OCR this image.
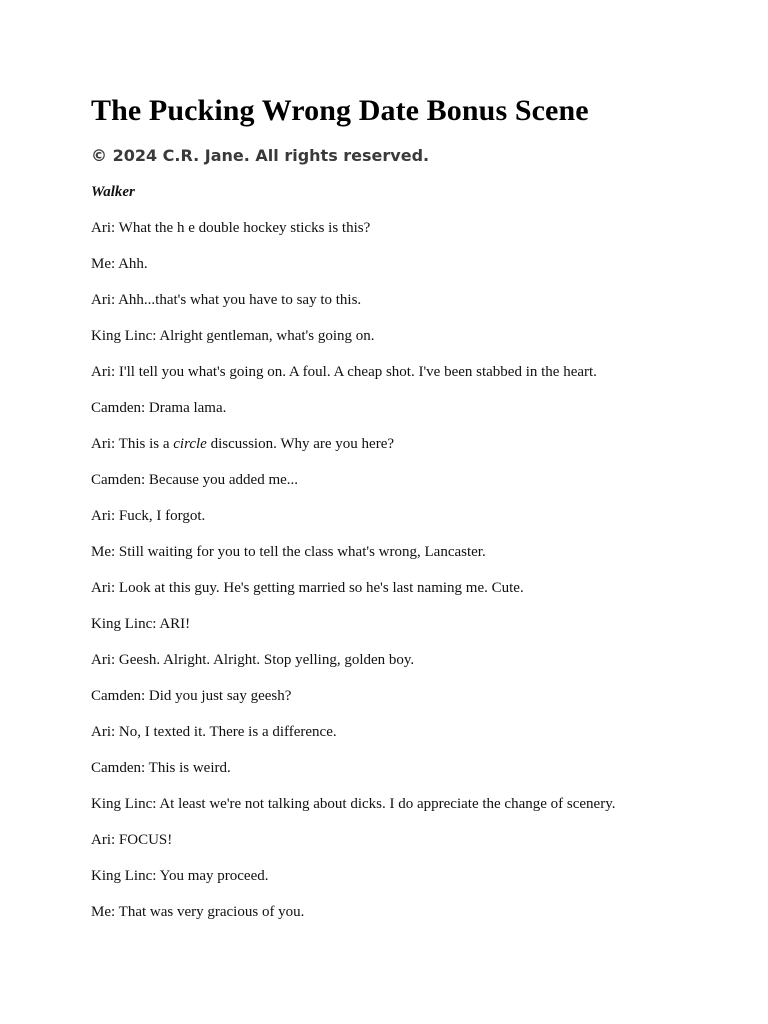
The Pucking Wrong Date Bonus Scene
© 2024 C.R. Jane. All rights reserved.
Walker
Ari: What the h e double hockey sticks is this?
Me: Ahh.
Ari: Ahh...that's what you have to say to this.
King Linc: Alright gentleman, what's going on.
Ari: I'll tell you what's going on. A foul. A cheap shot. I've been stabbed in the heart.
Camden: Drama lama.
Ari: This is a circle discussion. Why are you here?
Camden: Because you added me...
Ari: Fuck, I forgot.
Me: Still waiting for you to tell the class what's wrong, Lancaster.
Ari: Look at this guy. He's getting married so he's last naming me. Cute.
King Linc: ARI!
Ari: Geesh. Alright. Alright. Stop yelling, golden boy.
Camden: Did you just say geesh?
Ari: No, I texted it. There is a difference.
Camden: This is weird.
King Linc: At least we're not talking about dicks. I do appreciate the change of scenery.
Ari: FOCUS!
King Linc: You may proceed.
Me: That was very gracious of you.
